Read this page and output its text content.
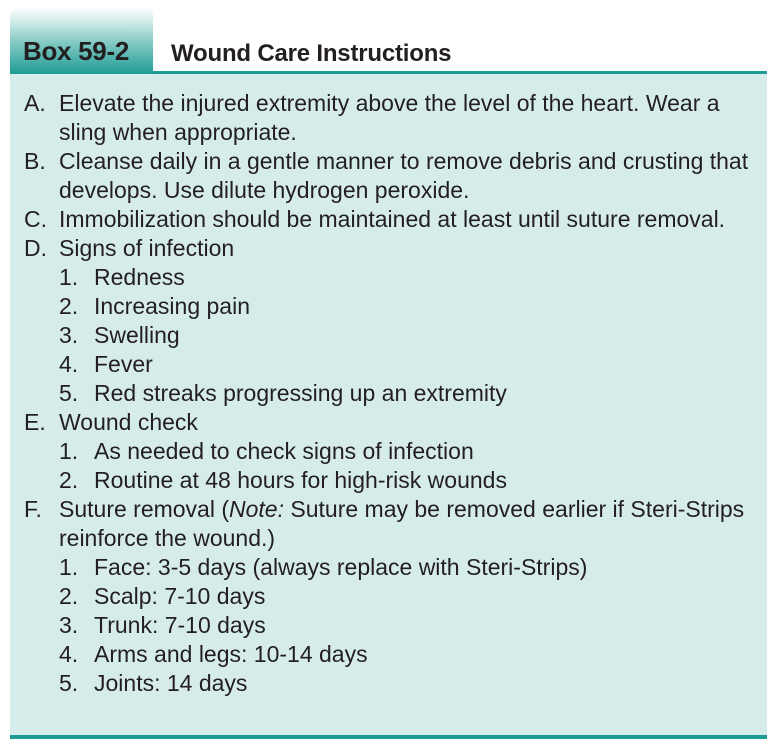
Box 59-2 Wound Care Instructions
A. Elevate the injured extremity above the level of the heart. Wear a sling when appropriate.
B. Cleanse daily in a gentle manner to remove debris and crusting that develops. Use dilute hydrogen peroxide.
C. Immobilization should be maintained at least until suture removal.
D. Signs of infection
1. Redness
2. Increasing pain
3. Swelling
4. Fever
5. Red streaks progressing up an extremity
E. Wound check
1. As needed to check signs of infection
2. Routine at 48 hours for high-risk wounds
F. Suture removal (Note: Suture may be removed earlier if Steri-Strips reinforce the wound.)
1. Face: 3-5 days (always replace with Steri-Strips)
2. Scalp: 7-10 days
3. Trunk: 7-10 days
4. Arms and legs: 10-14 days
5. Joints: 14 days
